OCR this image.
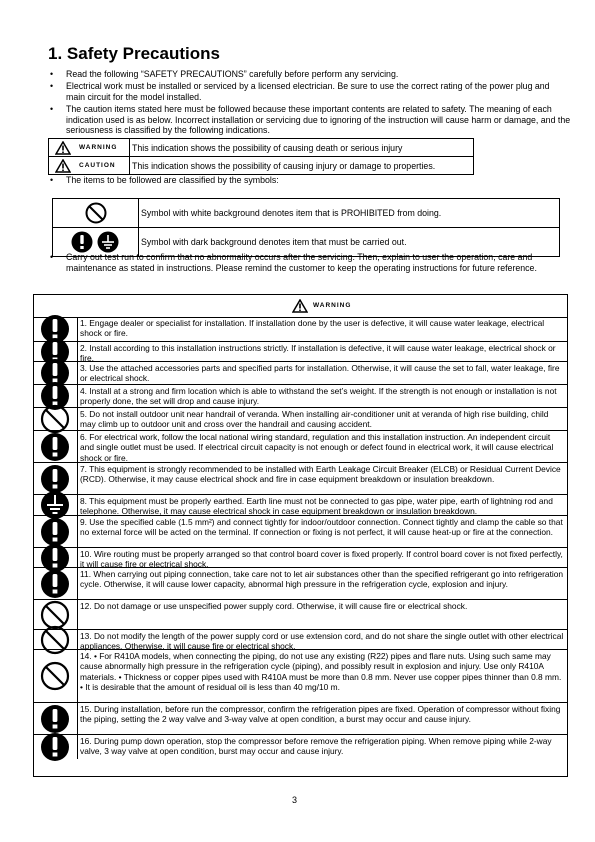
1. Safety Precautions
• Read the following “SAFETY PRECAUTIONS” carefully before perform any servicing.
• Electrical work must be installed or serviced by a licensed electrician. Be sure to use the correct rating of the power plug and main circuit for the model installed.
• The caution items stated here must be followed because these important contents are related to safety. The meaning of each indication used is as below. Incorrect installation or servicing due to ignoring of the instruction will cause harm or damage, and the seriousness is classified by the following indications.
WARNING	This indication shows the possibility of causing death or serious injury

CAUTION	This indication shows the possibility of causing injury or damage to properties.
• The items to be followed are classified by the symbols:
	Symbol with white background denotes item that is PROHIBITED from doing.

	Symbol with dark background denotes item that must be carried out.
• Carry out test run to confirm that no abnormality occurs after the servicing. Then, explain to user the operation, care and maintenance as stated in instructions. Please remind the customer to keep the operating instructions for future reference.
WARNING
1. Engage dealer or specialist for installation. If installation done by the user is defective, it will cause water leakage, electrical shock or fire.
2. Install according to this installation instructions strictly. If installation is defective, it will cause water leakage, electrical shock or fire.
3. Use the attached accessories parts and specified parts for installation. Otherwise, it will cause the set to fall, water leakage, fire or electrical shock.
4. Install at a strong and firm location which is able to withstand the set’s weight. If the strength is not enough or installation is not properly done, the set will drop and cause injury.
5. Do not install outdoor unit near handrail of veranda. When installing air-conditioner unit at veranda of high rise building, child may climb up to outdoor unit and cross over the handrail and causing accident.
6. For electrical work, follow the local national wiring standard, regulation and this installation instruction. An independent circuit and single outlet must be used. If electrical circuit capacity is not enough or defect found in electrical work, it will cause electrical shock or fire.
7. This equipment is strongly recommended to be installed with Earth Leakage Circuit Breaker (ELCB) or Residual Current Device (RCD). Otherwise, it may cause electrical shock and fire in case equipment breakdown or insulation breakdown.
8. This equipment must be properly earthed. Earth line must not be connected to gas pipe, water pipe, earth of lightning rod and telephone. Otherwise, it may cause electrical shock in case equipment breakdown or insulation breakdown.
9. Use the specified cable (1.5 mm²) and connect tightly for indoor/outdoor connection. Connect tightly and clamp the cable so that no external force will be acted on the terminal. If connection or fixing is not perfect, it will cause heat-up or fire at the connection.
10. Wire routing must be properly arranged so that control board cover is fixed properly. If control board cover is not fixed perfectly, it will cause fire or electrical shock.
11. When carrying out piping connection, take care not to let air substances other than the specified refrigerant go into refrigeration cycle. Otherwise, it will cause lower capacity, abnormal high pressure in the refrigeration cycle, explosion and injury.
12. Do not damage or use unspecified power supply cord. Otherwise, it will cause fire or electrical shock.
13. Do not modify the length of the power supply cord or use extension cord, and do not share the single outlet with other electrical appliances. Otherwise, it will cause fire or electrical shock.
14. • For R410A models, when connecting the piping, do not use any existing (R22) pipes and flare nuts. Using such same may cause abnormally high pressure in the refrigeration cycle (piping), and possibly result in explosion and injury. Use only R410A materials. • Thickness or copper pipes used with R410A must be more than 0.8 mm. Never use copper pipes thinner than 0.8 mm. • It is desirable that the amount of residual oil is less than 40 mg/10 m.
15. During installation, before run the compressor, confirm the refrigeration pipes are fixed. Operation of compressor without fixing the piping, setting the 2 way valve and 3-way valve at open condition, a burst may occur and cause injury.
16. During pump down operation, stop the compressor before remove the refrigeration piping. When remove piping while 2-way valve, 3 way valve at open condition, burst may occur and cause injury.
3
